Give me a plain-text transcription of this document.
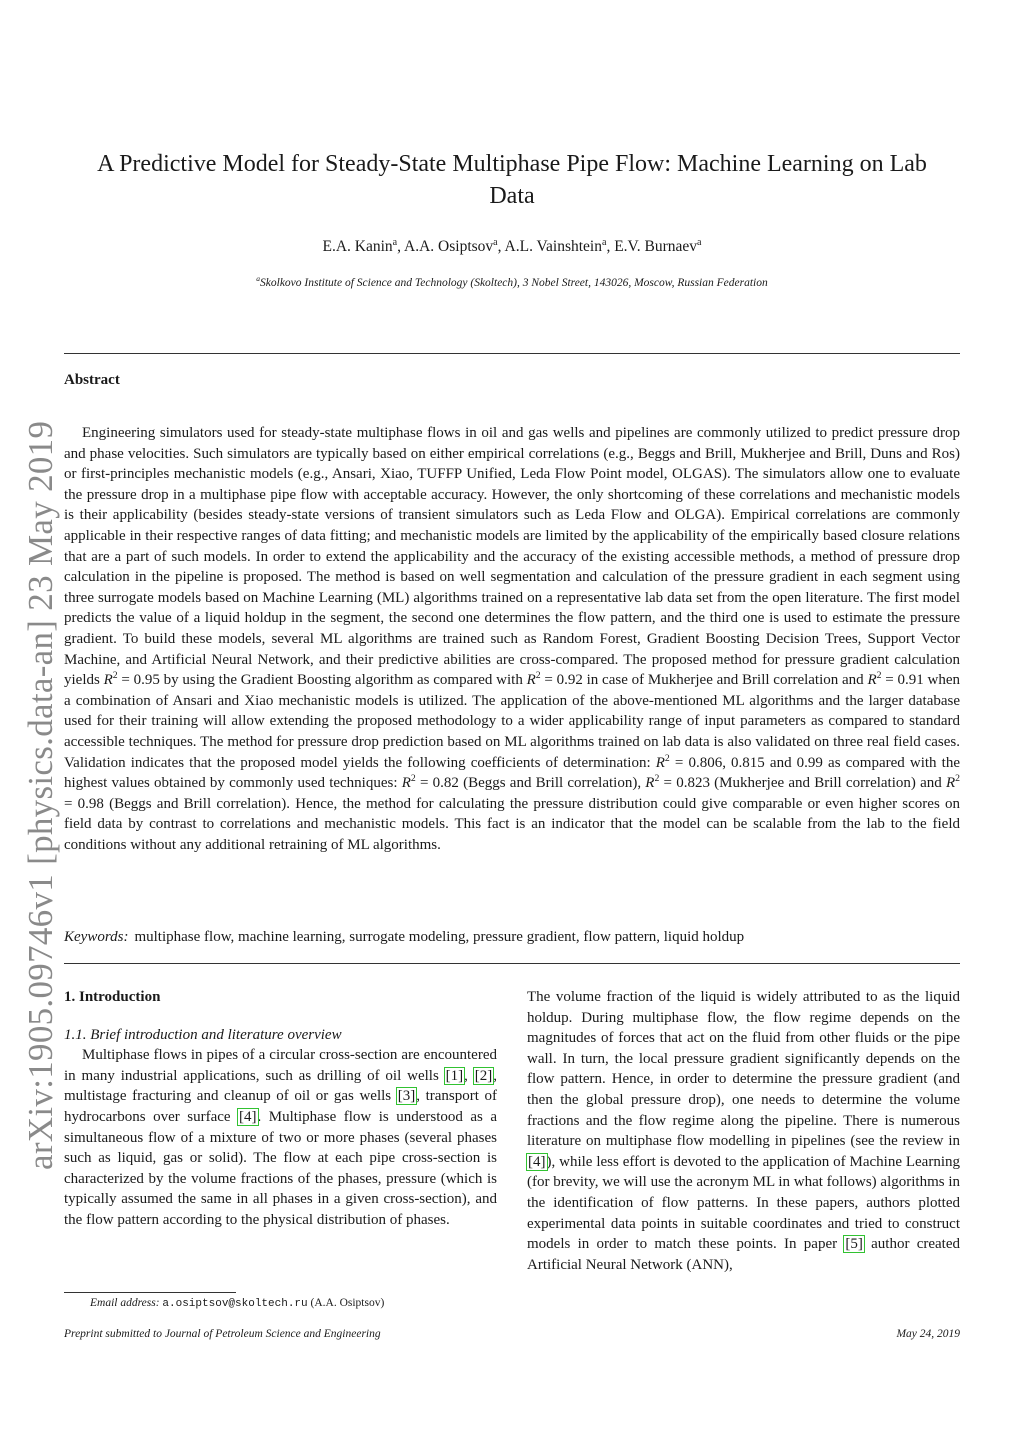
arXiv:1905.09746v1 [physics.data-an] 23 May 2019
A Predictive Model for Steady-State Multiphase Pipe Flow: Machine Learning on Lab Data
E.A. Kanin$^a$, A.A. Osiptsov$^a$, A.L. Vainshtein$^a$, E.V. Burnaev$^a$
$^a$Skolkovo Institute of Science and Technology (Skoltech), 3 Nobel Street, 143026, Moscow, Russian Federation
Abstract

Engineering simulators used for steady-state multiphase flows in oil and gas wells and pipelines are commonly utilized to predict pressure drop and phase velocities. Such simulators are typically based on either empirical correlations (e.g., Beggs and Brill, Mukherjee and Brill, Duns and Ros) or first-principles mechanistic models (e.g., Ansari, Xiao, TUFFP Unified, Leda Flow Point model, OLGAS). The simulators allow one to evaluate the pressure drop in a multiphase pipe flow with acceptable accuracy. However, the only shortcoming of these correlations and mechanistic models is their applicability (besides steady-state versions of transient simulators such as Leda Flow and OLGA). Empirical correlations are commonly applicable in their respective ranges of data fitting; and mechanistic models are limited by the applicability of the empirically based closure relations that are a part of such models. In order to extend the applicability and the accuracy of the existing accessible methods, a method of pressure drop calculation in the pipeline is proposed. The method is based on well segmentation and calculation of the pressure gradient in each segment using three surrogate models based on Machine Learning (ML) algorithms trained on a representative lab data set from the open literature. The first model predicts the value of a liquid holdup in the segment, the second one determines the flow pattern, and the third one is used to estimate the pressure gradient. To build these models, several ML algorithms are trained such as Random Forest, Gradient Boosting Decision Trees, Support Vector Machine, and Artificial Neural Network, and their predictive abilities are cross-compared. The proposed method for pressure gradient calculation yields $R^2 = 0.95$ by using the Gradient Boosting algorithm as compared with $R^2 = 0.92$ in case of Mukherjee and Brill correlation and $R^2 = 0.91$ when a combination of Ansari and Xiao mechanistic models is utilized. The application of the above-mentioned ML algorithms and the larger database used for their training will allow extending the proposed methodology to a wider applicability range of input parameters as compared to standard accessible techniques. The method for pressure drop prediction based on ML algorithms trained on lab data is also validated on three real field cases. Validation indicates that the proposed model yields the following coefficients of determination: $R^2 = 0.806$, 0.815 and 0.99 as compared with the highest values obtained by commonly used techniques: $R^2 = 0.82$ (Beggs and Brill correlation), $R^2 = 0.823$ (Mukherjee and Brill correlation) and $R^2 = 0.98$ (Beggs and Brill correlation). Hence, the method for calculating the pressure distribution could give comparable or even higher scores on field data by contrast to correlations and mechanistic models. This fact is an indicator that the model can be scalable from the lab to the field conditions without any additional retraining of ML algorithms.

Keywords: multiphase flow, machine learning, surrogate modeling, pressure gradient, flow pattern, liquid holdup
1. Introduction
1.1. Brief introduction and literature overview

Multiphase flows in pipes of a circular cross-section are encountered in many industrial applications, such as drilling of oil wells [1], [2], multistage fracturing and cleanup of oil or gas wells [3], transport of hydrocarbons over surface [4]. Multiphase flow is understood as a simultaneous flow of a mixture of two or more phases (several phases such as liquid, gas or solid). The flow at each pipe cross-section is characterized by the volume fractions of the phases, pressure (which is typically assumed the same in all phases in a given cross-section), and the flow pattern according to the physical distribution of phases.

The volume fraction of the liquid is widely attributed to as the liquid holdup. During multiphase flow, the flow regime depends on the magnitudes of forces that act on the fluid from other fluids or the pipe wall. In turn, the local pressure gradient significantly depends on the flow pattern. Hence, in order to determine the pressure gradient (and then the global pressure drop), one needs to determine the volume fractions and the flow regime along the pipeline. There is numerous literature on multiphase flow modelling in pipelines (see the review in [4]), while less effort is devoted to the application of Machine Learning (for brevity, we will use the acronym ML in what follows) algorithms in the identification of flow patterns. In these papers, authors plotted experimental data points in suitable coordinates and tried to construct models in order to match these points. In paper [5] author created Artificial Neural Network (ANN),

Email address: a.osiptsov@skoltech.ru (A.A. Osiptsov)
Preprint submitted to Journal of Petroleum Science and Engineering	May 24, 2019
